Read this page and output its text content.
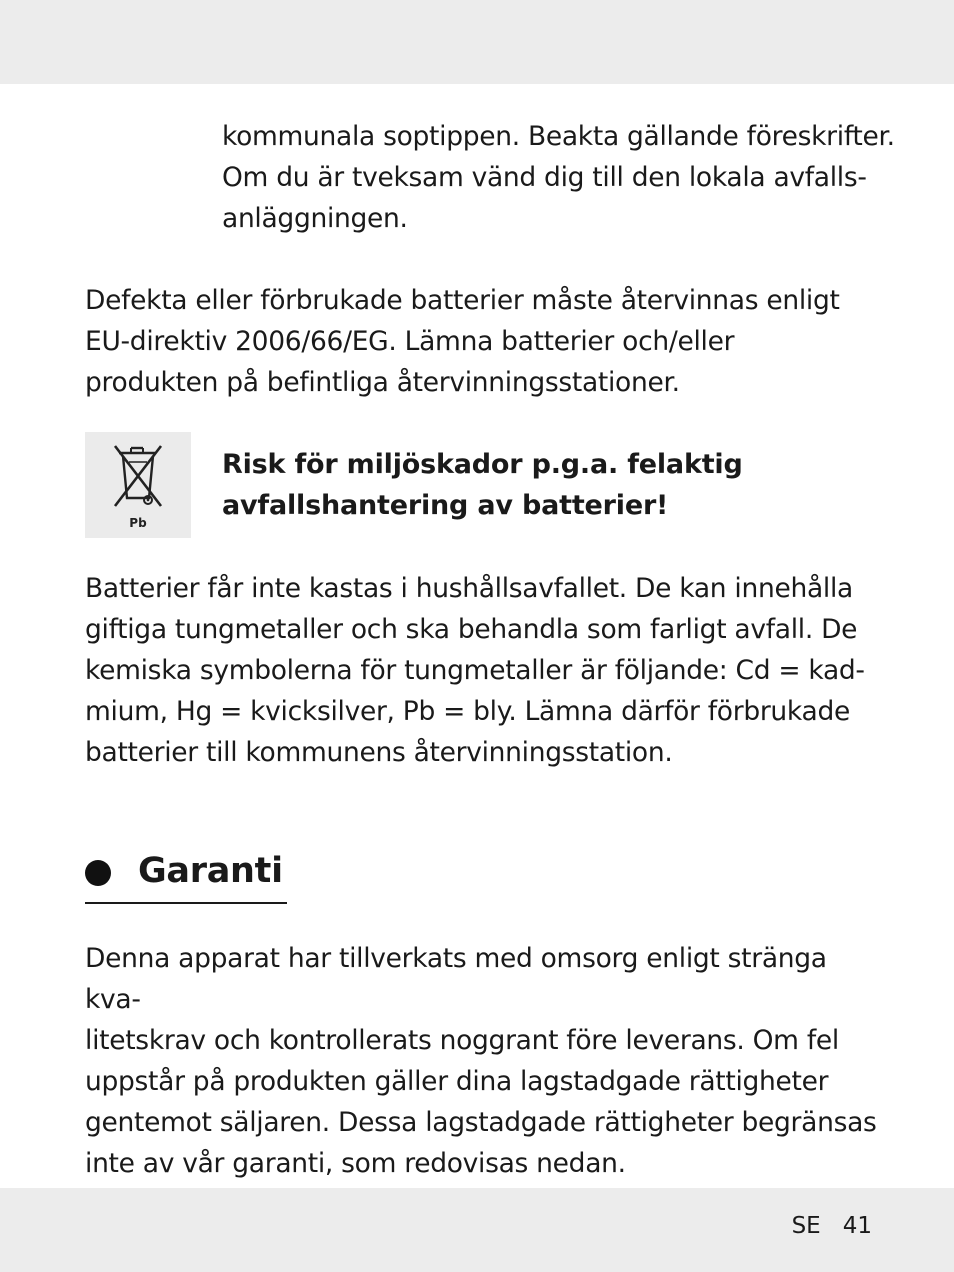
kommunala soptippen. Beakta gällande föreskrifter.
Om du är tveksam vänd dig till den lokala avfalls-
anläggningen.

Defekta eller förbrukade batterier måste återvinnas enligt
EU-direktiv 2006/66/EG. Lämna batterier och/eller
produkten på befintliga återvinningsstationer.

Pb

Risk för miljöskador p.g.a. felaktig
avfallshantering av batterier!

Batterier får inte kastas i hushållsavfallet. De kan innehålla
giftiga tungmetaller och ska behandla som farligt avfall. De
kemiska symbolerna för tungmetaller är följande: Cd = kad-
mium, Hg = kvicksilver, Pb = bly. Lämna därför förbrukade
batterier till kommunens återvinningsstation.

Garanti

Denna apparat har tillverkats med omsorg enligt stränga kva-
litetskrav och kontrollerats noggrant före leverans. Om fel
uppstår på produkten gäller dina lagstadgade rättigheter
gentemot säljaren. Dessa lagstadgade rättigheter begränsas
inte av vår garanti, som redovisas nedan.

SE 41
